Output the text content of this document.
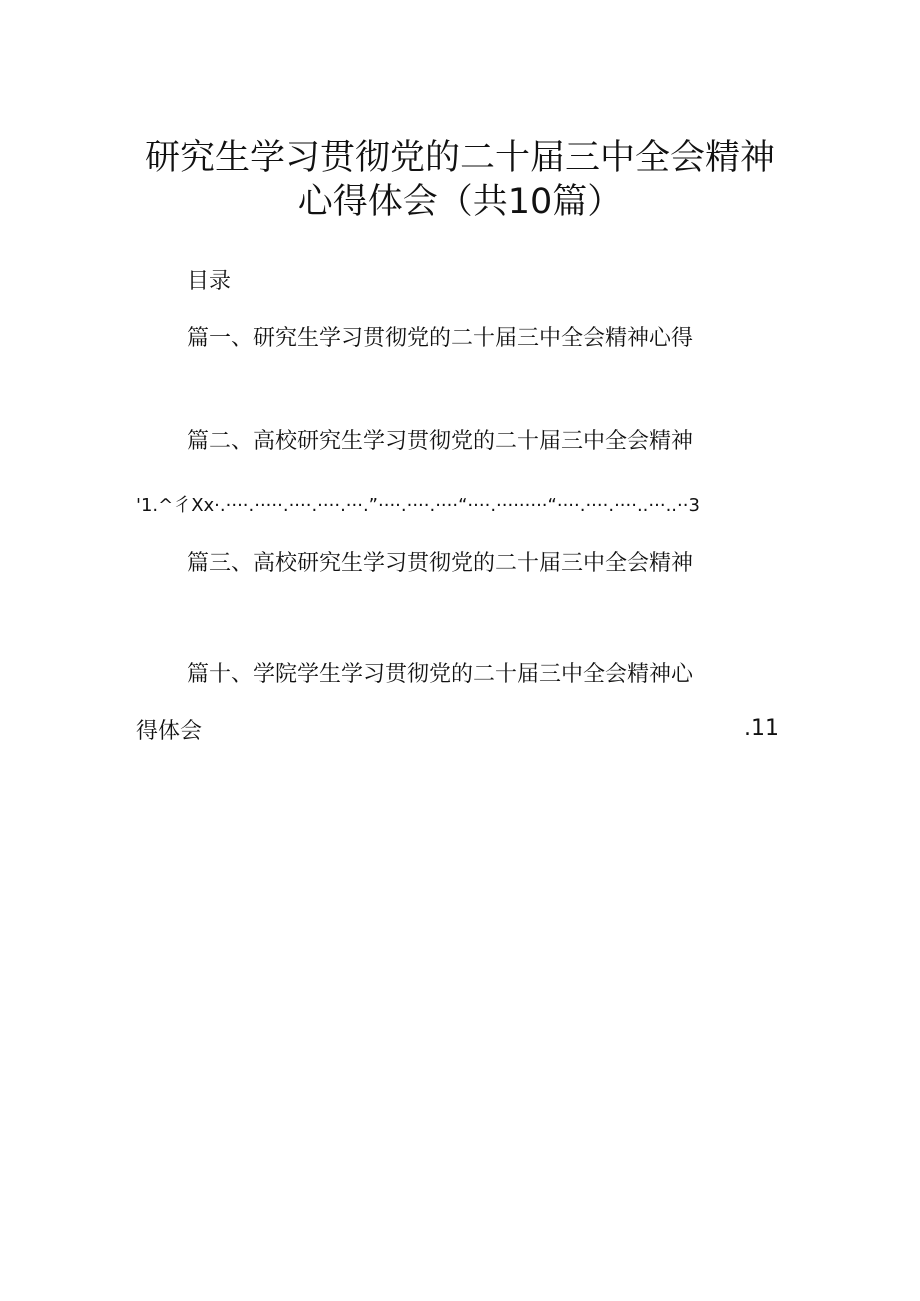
研究生学习贯彻党的二十届三中全会精神
心得体会（共10篇）
目录
篇一、研究生学习贯彻党的二十届三中全会精神心得
篇二、高校研究生学习贯彻党的二十届三中全会精神
'1.^彳Xx·.····.·····.····.····.···.”····.····.····“····.·········“····.····.····..···..··3
篇三、高校研究生学习贯彻党的二十届三中全会精神
篇十、学院学生学习贯彻党的二十届三中全会精神心
得体会	.11
